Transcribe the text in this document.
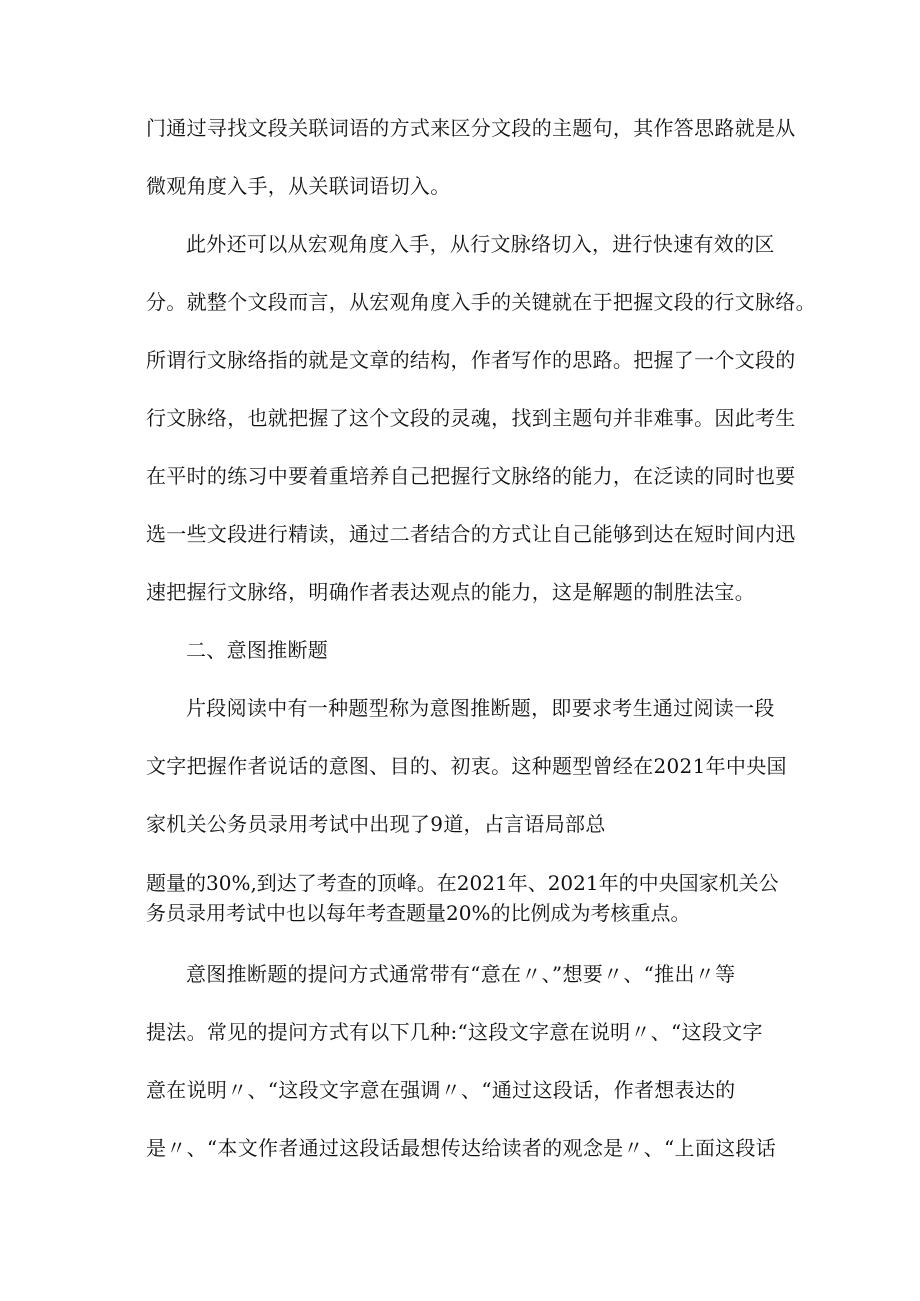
门通过寻找文段关联词语的方式来区分文段的主题句，其作答思路就是从
微观角度入手，从关联词语切入。
此外还可以从宏观角度入手，从行文脉络切入，进行快速有效的区
分。就整个文段而言，从宏观角度入手的关键就在于把握文段的行文脉络。
所谓行文脉络指的就是文章的结构，作者写作的思路。把握了一个文段的
行文脉络，也就把握了这个文段的灵魂，找到主题句并非难事。因此考生
在平时的练习中要着重培养自己把握行文脉络的能力，在泛读的同时也要
选一些文段进行精读，通过二者结合的方式让自己能够到达在短时间内迅
速把握行文脉络，明确作者表达观点的能力，这是解题的制胜法宝。
二、意图推断题
片段阅读中有一种题型称为意图推断题，即要求考生通过阅读一段
文字把握作者说话的意图、目的、初衷。这种题型曾经在2021年中央国
家机关公务员录用考试中出现了9道，占言语局部总
题量的30%,到达了考查的顶峰。在2021年、2021年的中央国家机关公
务员录用考试中也以每年考查题量20%的比例成为考核重点。
意图推断题的提问方式通常带有“意在〃、”想要〃、“推出〃等
提法。常见的提问方式有以下几种:“这段文字意在说明〃、“这段文字
意在说明〃、“这段文字意在强调〃、“通过这段话，作者想表达的
是〃、“本文作者通过这段话最想传达给读者的观念是〃、“上面这段话
